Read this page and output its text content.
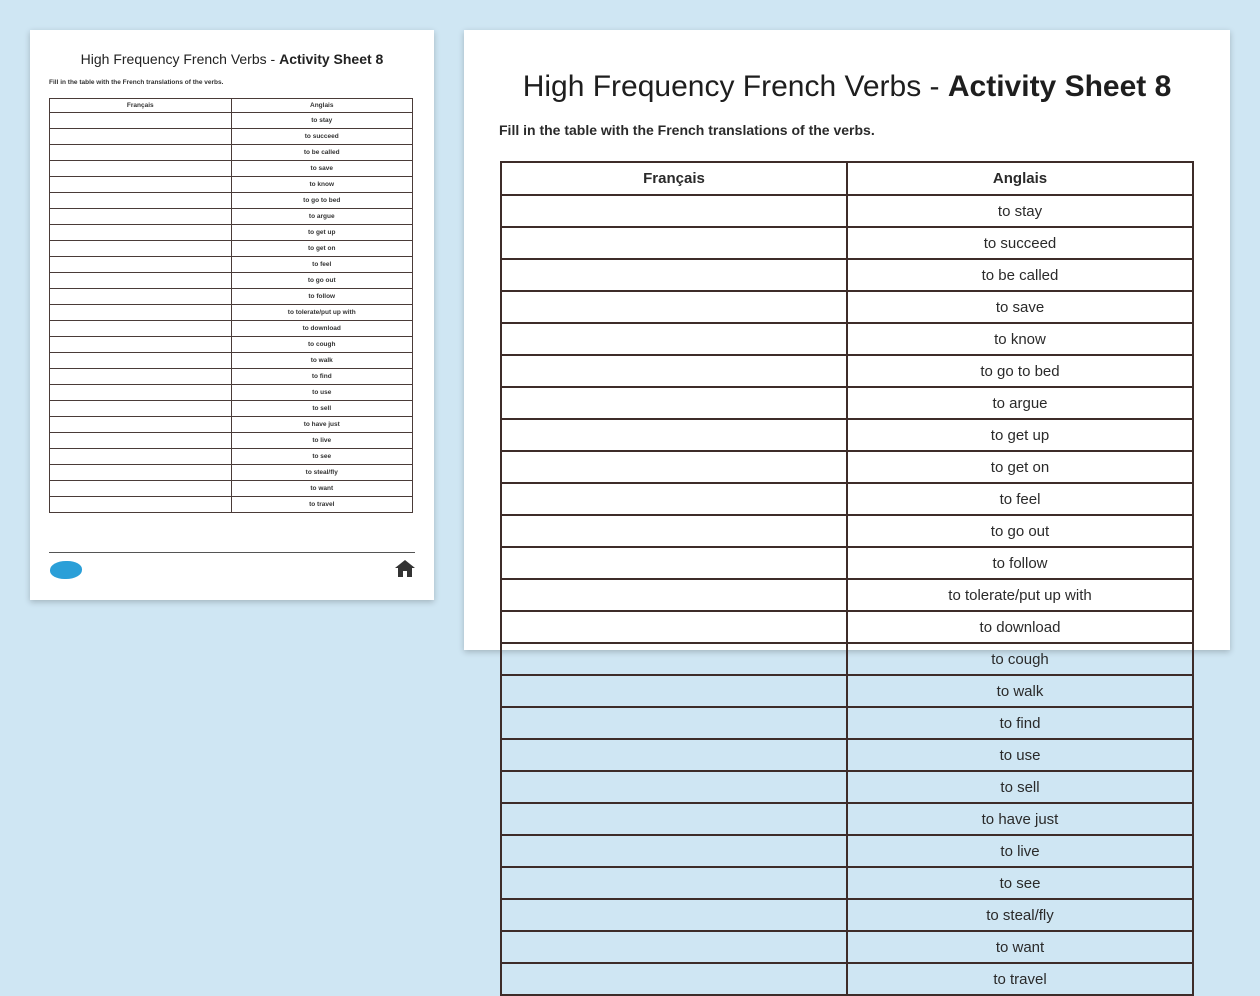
High Frequency French Verbs - Activity Sheet 8
Fill in the table with the French translations of the verbs.
Français	Anglais
	to stay
	to succeed
	to be called
	to save
	to know
	to go to bed
	to argue
	to get up
	to get on
	to feel
	to go out
	to follow
	to tolerate/put up with
	to download
	to cough
	to walk
	to find
	to use
	to sell
	to have just
	to live
	to see
	to steal/fly
	to want
	to travel
High Frequency French Verbs - Activity Sheet 8
Fill in the table with the French translations of the verbs.
Français	Anglais
	to stay
	to succeed
	to be called
	to save
	to know
	to go to bed
	to argue
	to get up
	to get on
	to feel
	to go out
	to follow
	to tolerate/put up with
	to download
	to cough
	to walk
	to find
	to use
	to sell
	to have just
	to live
	to see
	to steal/fly
	to want
	to travel
